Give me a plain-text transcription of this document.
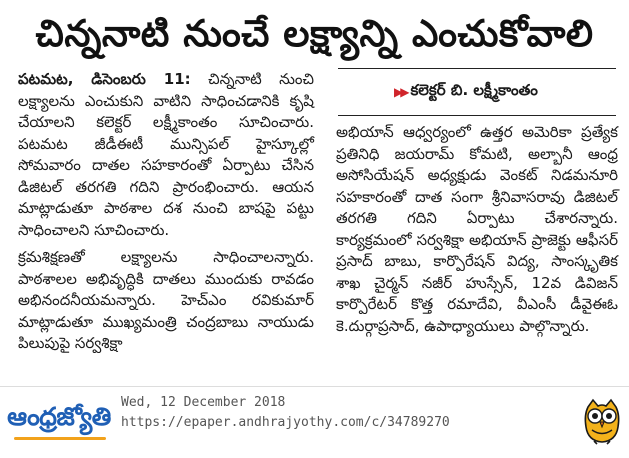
చిన్ననాటి నుంచే లక్ష్యాన్ని ఎంచుకోవాలి

పటమట, డిసెంబరు 11: చిన్ననాటి నుంచి లక్ష్యాలను ఎంచుకుని వాటిని సాధించడానికి కృషి చేయాలని కలెక్టర్ లక్ష్మీకాంతం సూచించారు. పటమట జీడీఈటీ మున్సిపల్ హైస్కూల్లో సోమవారం దాతల సహకారంతో ఏర్పాటు చేసిన డిజిటల్ తరగతి గదిని ప్రారంభించారు. ఆయన మాట్లాడుతూ పాఠశాల దశ నుంచి బాషపై పట్టు సాధించాలని సూచించారు.

క్రమశిక్షణతో లక్ష్యాలను సాధించాలన్నారు. పాఠశాలల అభివృద్ధికి దాతలు ముందుకు రావడం అభినందనీయమన్నారు. హెచ్‌ఎం రవికుమార్ మాట్లాడుతూ ముఖ్యమంత్రి చంద్రబాబు నాయుడు పిలుపుపై సర్వశిక్షా

▶▶ కలెక్టర్ బి. లక్ష్మీకాంతం

అభియాన్ ఆధ్వర్యంలో ఉత్తర అమెరికా ప్రత్యేక ప్రతినిధి జయరామ్ కోమటి, అల్బానీ ఆంధ్ర అసోసియేషన్ అధ్యక్షుడు వెంకట్ నిడమనూరి సహకారంతో దాత సంగా శ్రీనివాసరావు డిజిటల్ తరగతి గదిని ఏర్పాటు చేశారన్నారు. కార్యక్రమంలో సర్వశిక్షా అభియాన్ ప్రాజెక్టు ఆఫీసర్ ప్రసాద్ బాబు, కార్పొరేషన్ విద్య, సాంస్కృతిక శాఖ చైర్మన్ నజీర్ హుస్సేన్, 12వ డివిజన్ కార్పొరేటర్ కొత్త రమాదేవి, వీఎంసీ డీవైఈఓ కె.దుర్గాప్రసాద్, ఉపాధ్యాయులు పాల్గొన్నారు.

ఆంధ్రజ్యోతి Wed, 12 December 2018
https://epaper.andhrajyothy.com/c/34789270
